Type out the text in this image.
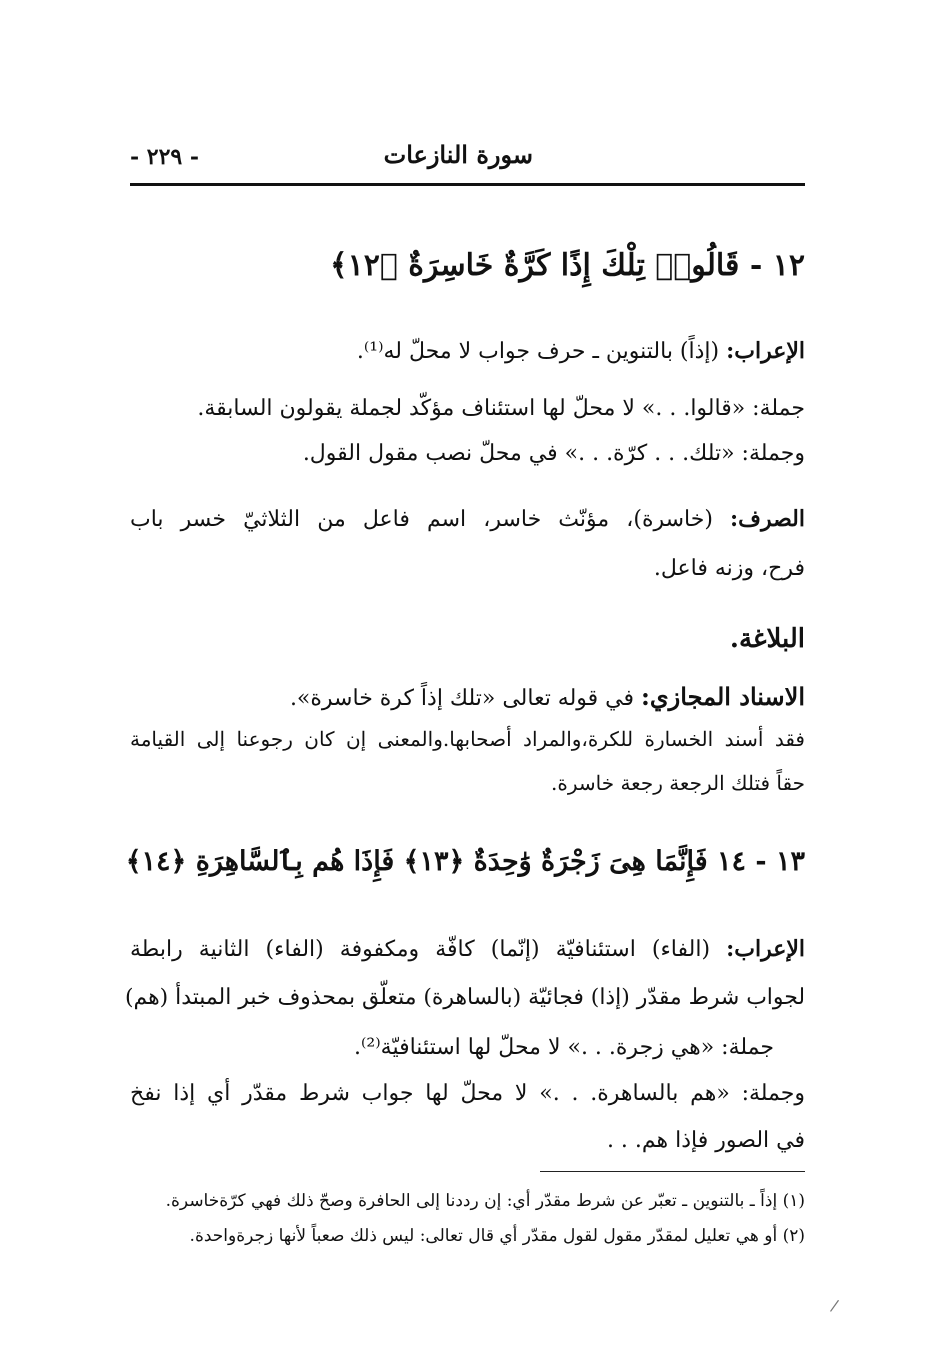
سورة النازعات
- ٢٢٩ -
١٢ - قَالُوا۟ تِلْكَ إِذًا كَرَّةٌ خَاسِرَةٌ ﴿١٢﴾
الإعراب: (إذاً) بالتنوين ـ حرف جواب لا محلّ له⁽¹⁾.
جملة: «قالوا. . .» لا محلّ لها استئناف مؤكّد لجملة يقولون السابقة.
وجملة: «تلك. . . كرّة. . .» في محلّ نصب مقول القول.
الصرف: (خاسرة)، مؤنّث خاسر، اسم فاعل من الثلاثيّ خسر باب
فرح، وزنه فاعل.
البلاغة.
الاسناد المجازي: في قوله تعالى «تلك إذاً كرة خاسرة».
فقد أسند الخسارة للكرة،والمراد أصحابها.والمعنى إن كان رجوعنا إلى القيامة
حقاً فتلك الرجعة رجعة خاسرة.
١٣ - ١٤ فَإِنَّمَا هِىَ زَجْرَةٌ وَٰحِدَةٌ ﴿١٣﴾ فَإِذَا هُم بِٱلسَّاهِرَةِ ﴿١٤﴾
الإعراب: (الفاء) استئنافيّة (إنّما) كافّة ومكفوفة (الفاء) الثانية رابطة
لجواب شرط مقدّر (إذا) فجائيّة (بالساهرة) متعلّق بمحذوف خبر المبتدأ (هم)
جملة: «هي زجرة. . .» لا محلّ لها استئنافيّة⁽²⁾.
وجملة: «هم بالساهرة. . .» لا محلّ لها جواب شرط مقدّر أي إذا نفخ
في الصور فإذا هم. . .
(١) إذاً ـ بالتنوين ـ تعبّر عن شرط مقدّر أي: إن رددنا إلى الحافرة وصحّ ذلك فهي كرّةخاسرة.
(٢) أو هي تعليل لمقدّر مقول لقول مقدّر أي قال تعالى: ليس ذلك صعباً لأنها زجرةواحدة.
/
